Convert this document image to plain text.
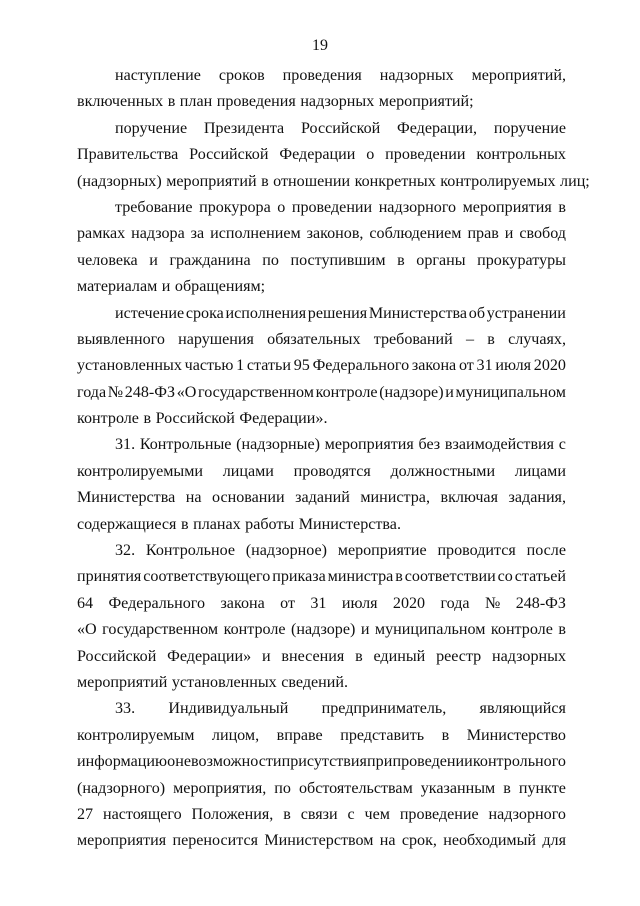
19
наступление сроков проведения надзорных мероприятий,
включенных в план проведения надзорных мероприятий;
поручение Президента Российской Федерации, поручение
Правительства Российской Федерации о проведении контрольных
(надзорных) мероприятий в отношении конкретных контролируемых лиц;
требование прокурора о проведении надзорного мероприятия в
рамках надзора за исполнением законов, соблюдением прав и свобод
человека и гражданина по поступившим в органы прокуратуры
материалам и обращениям;
истечение срока исполнения решения Министерства об устранении
выявленного нарушения обязательных требований – в случаях,
установленных частью 1 статьи 95 Федерального закона от 31 июля 2020
года № 248-ФЗ «О государственном контроле (надзоре) и муниципальном
контроле в Российской Федерации».
31. Контрольные (надзорные) мероприятия без взаимодействия с
контролируемыми лицами проводятся должностными лицами
Министерства на основании заданий министра, включая задания,
содержащиеся в планах работы Министерства.
32. Контрольное (надзорное) мероприятие проводится после
принятия соответствующего приказа министра в соответствии со статьей
64 Федерального закона от 31 июля 2020 года № 248-ФЗ
«О государственном контроле (надзоре) и муниципальном контроле в
Российской Федерации» и внесения в единый реестр надзорных
мероприятий установленных сведений.
33. Индивидуальный предприниматель, являющийся
контролируемым лицом, вправе представить в Министерство
информацию о невозможности присутствия при проведении контрольного
(надзорного) мероприятия, по обстоятельствам указанным в пункте
27 настоящего Положения, в связи с чем проведение надзорного
мероприятия переносится Министерством на срок, необходимый для
